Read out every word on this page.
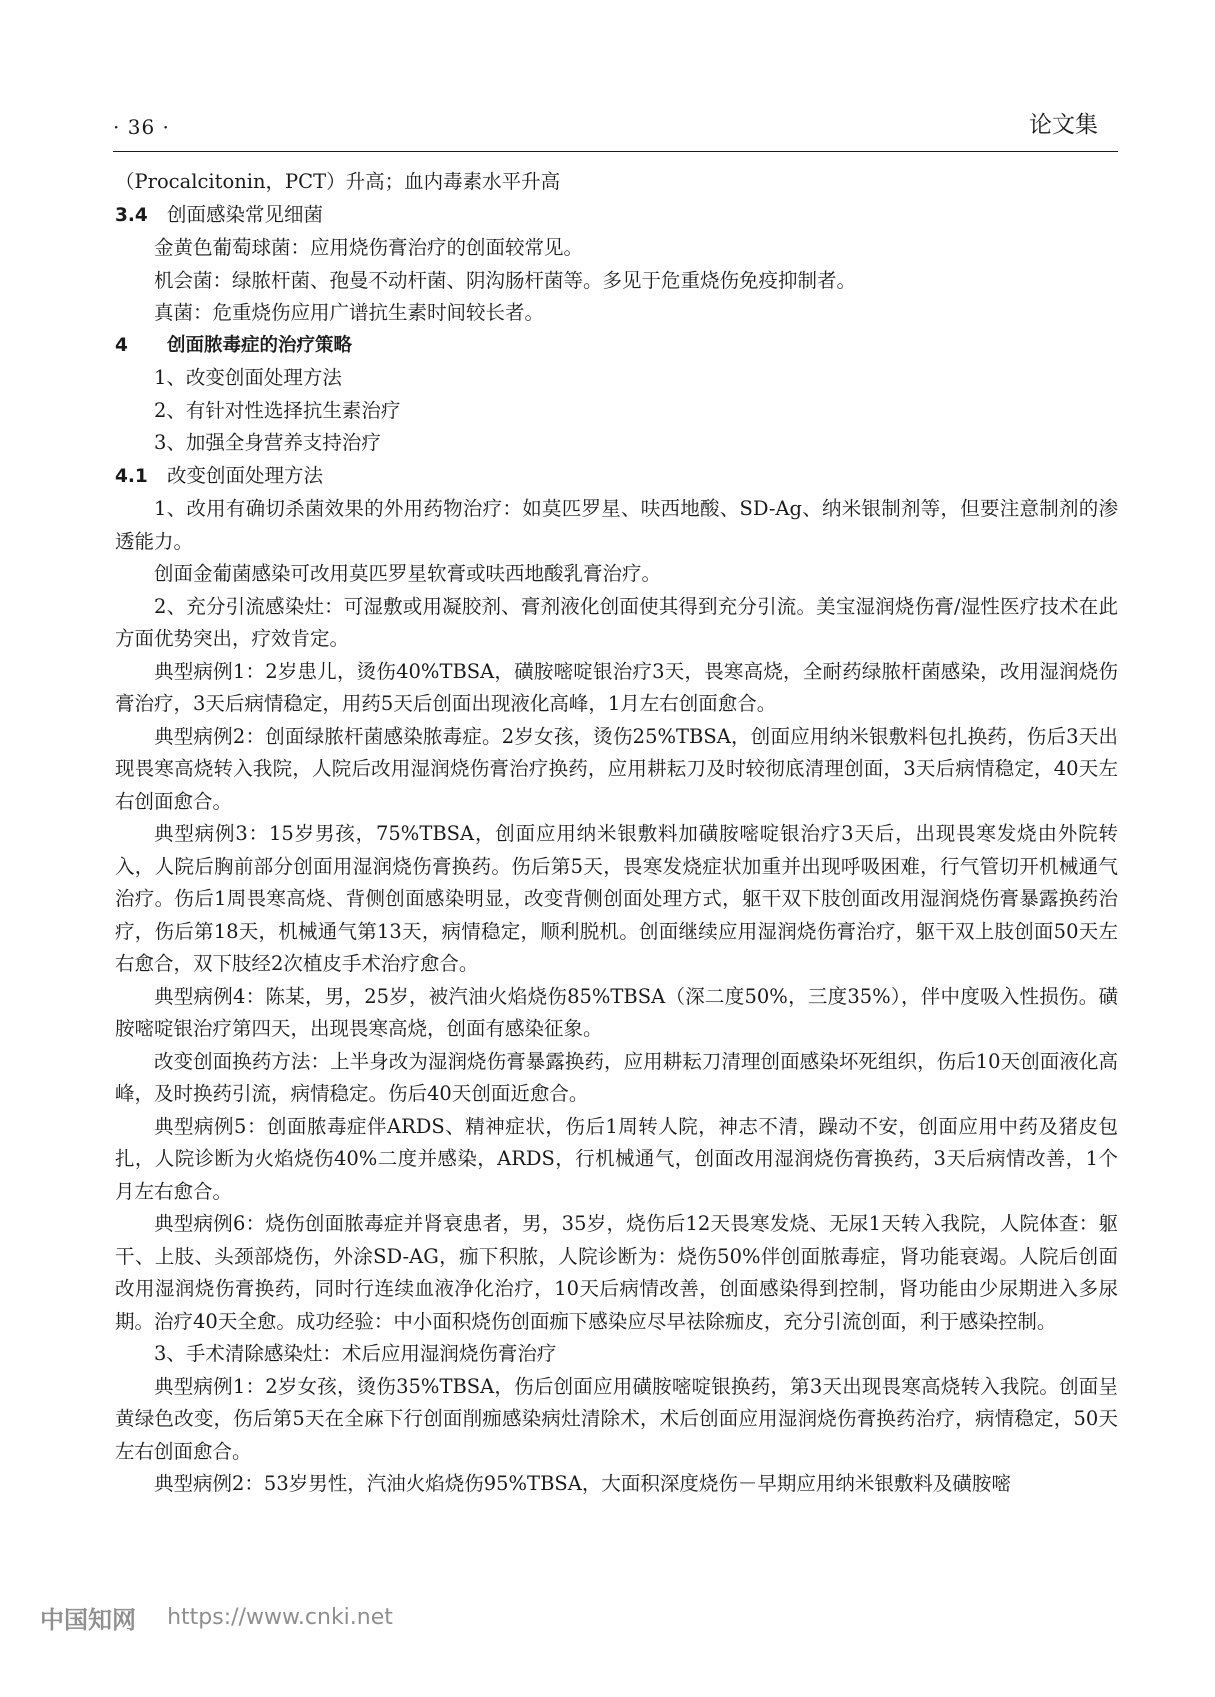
· 36 ·	论文集

（Procalcitonin，PCT）升高；血内毒素水平升高

3.4 创面感染常见细菌

金黄色葡萄球菌：应用烧伤膏治疗的创面较常见。

机会菌：绿脓杆菌、孢曼不动杆菌、阴沟肠杆菌等。多见于危重烧伤免疫抑制者。

真菌：危重烧伤应用广谱抗生素时间较长者。

4 创面脓毒症的治疗策略

1、改变创面处理方法

2、有针对性选择抗生素治疗

3、加强全身营养支持治疗

4.1 改变创面处理方法

1、改用有确切杀菌效果的外用药物治疗：如莫匹罗星、呋西地酸、SD-Ag、纳米银制剂等，但要注意制剂的渗透能力。

创面金葡菌感染可改用莫匹罗星软膏或呋西地酸乳膏治疗。

2、充分引流感染灶：可湿敷或用凝胶剂、膏剂液化创面使其得到充分引流。美宝湿润烧伤膏/湿性医疗技术在此方面优势突出，疗效肯定。

典型病例1：2岁患儿，烫伤40%TBSA，磺胺嘧啶银治疗3天，畏寒高烧，全耐药绿脓杆菌感染，改用湿润烧伤膏治疗，3天后病情稳定，用药5天后创面出现液化高峰，1月左右创面愈合。

典型病例2：创面绿脓杆菌感染脓毒症。2岁女孩，烫伤25%TBSA，创面应用纳米银敷料包扎换药，伤后3天出现畏寒高烧转入我院，人院后改用湿润烧伤膏治疗换药，应用耕耘刀及时较彻底清理创面，3天后病情稳定，40天左右创面愈合。

典型病例3：15岁男孩，75%TBSA，创面应用纳米银敷料加磺胺嘧啶银治疗3天后，出现畏寒发烧由外院转入，人院后胸前部分创面用湿润烧伤膏换药。伤后第5天，畏寒发烧症状加重并出现呼吸困难，行气管切开机械通气治疗。伤后1周畏寒高烧、背侧创面感染明显，改变背侧创面处理方式，躯干双下肢创面改用湿润烧伤膏暴露换药治疗，伤后第18天，机械通气第13天，病情稳定，顺利脱机。创面继续应用湿润烧伤膏治疗，躯干双上肢创面50天左右愈合，双下肢经2次植皮手术治疗愈合。

典型病例4：陈某，男，25岁，被汽油火焰烧伤85%TBSA（深二度50%，三度35%），伴中度吸入性损伤。磺胺嘧啶银治疗第四天，出现畏寒高烧，创面有感染征象。

改变创面换药方法：上半身改为湿润烧伤膏暴露换药，应用耕耘刀清理创面感染坏死组织，伤后10天创面液化高峰，及时换药引流，病情稳定。伤后40天创面近愈合。

典型病例5：创面脓毒症伴ARDS、精神症状，伤后1周转人院，神志不清，躁动不安，创面应用中药及猪皮包扎，人院诊断为火焰烧伤40%二度并感染，ARDS，行机械通气，创面改用湿润烧伤膏换药，3天后病情改善，1个月左右愈合。

典型病例6：烧伤创面脓毒症并肾衰患者，男，35岁，烧伤后12天畏寒发烧、无尿1天转入我院，人院体查：躯干、上肢、头颈部烧伤，外涂SD-AG，痂下积脓，人院诊断为：烧伤50%伴创面脓毒症，肾功能衰竭。人院后创面改用湿润烧伤膏换药，同时行连续血液净化治疗，10天后病情改善，创面感染得到控制，肾功能由少尿期进入多尿期。治疗40天全愈。成功经验：中小面积烧伤创面痂下感染应尽早祛除痂皮，充分引流创面，利于感染控制。

3、手术清除感染灶：术后应用湿润烧伤膏治疗

典型病例1：2岁女孩，烫伤35%TBSA，伤后创面应用磺胺嘧啶银换药，第3天出现畏寒高烧转入我院。创面呈黄绿色改变，伤后第5天在全麻下行创面削痂感染病灶清除术，术后创面应用湿润烧伤膏换药治疗，病情稳定，50天左右创面愈合。

典型病例2：53岁男性，汽油火焰烧伤95%TBSA，大面积深度烧伤－早期应用纳米银敷料及磺胺嘧

中国知网 https://www.cnki.net
